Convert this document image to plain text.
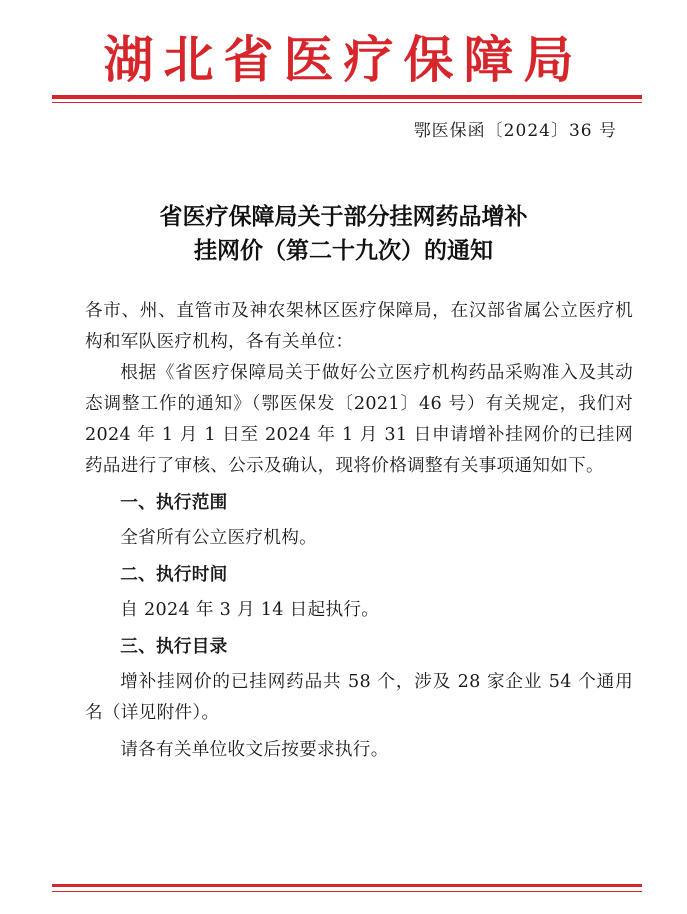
湖北省医疗保障局
鄂医保函〔2024〕36 号
省医疗保障局关于部分挂网药品增补
挂网价（第二十九次）的通知

各市、州、直管市及神农架林区医疗保障局，在汉部省属公立医疗机构和军队医疗机构，各有关单位：

根据《省医疗保障局关于做好公立医疗机构药品采购准入及其动态调整工作的通知》（鄂医保发〔2021〕46 号）有关规定，我们对 2024 年 1 月 1 日至 2024 年 1 月 31 日申请增补挂网价的已挂网药品进行了审核、公示及确认，现将价格调整有关事项通知如下。

一、执行范围

全省所有公立医疗机构。

二、执行时间

自 2024 年 3 月 14 日起执行。

三、执行目录

增补挂网价的已挂网药品共 58 个，涉及 28 家企业 54 个通用名（详见附件）。

请各有关单位收文后按要求执行。
